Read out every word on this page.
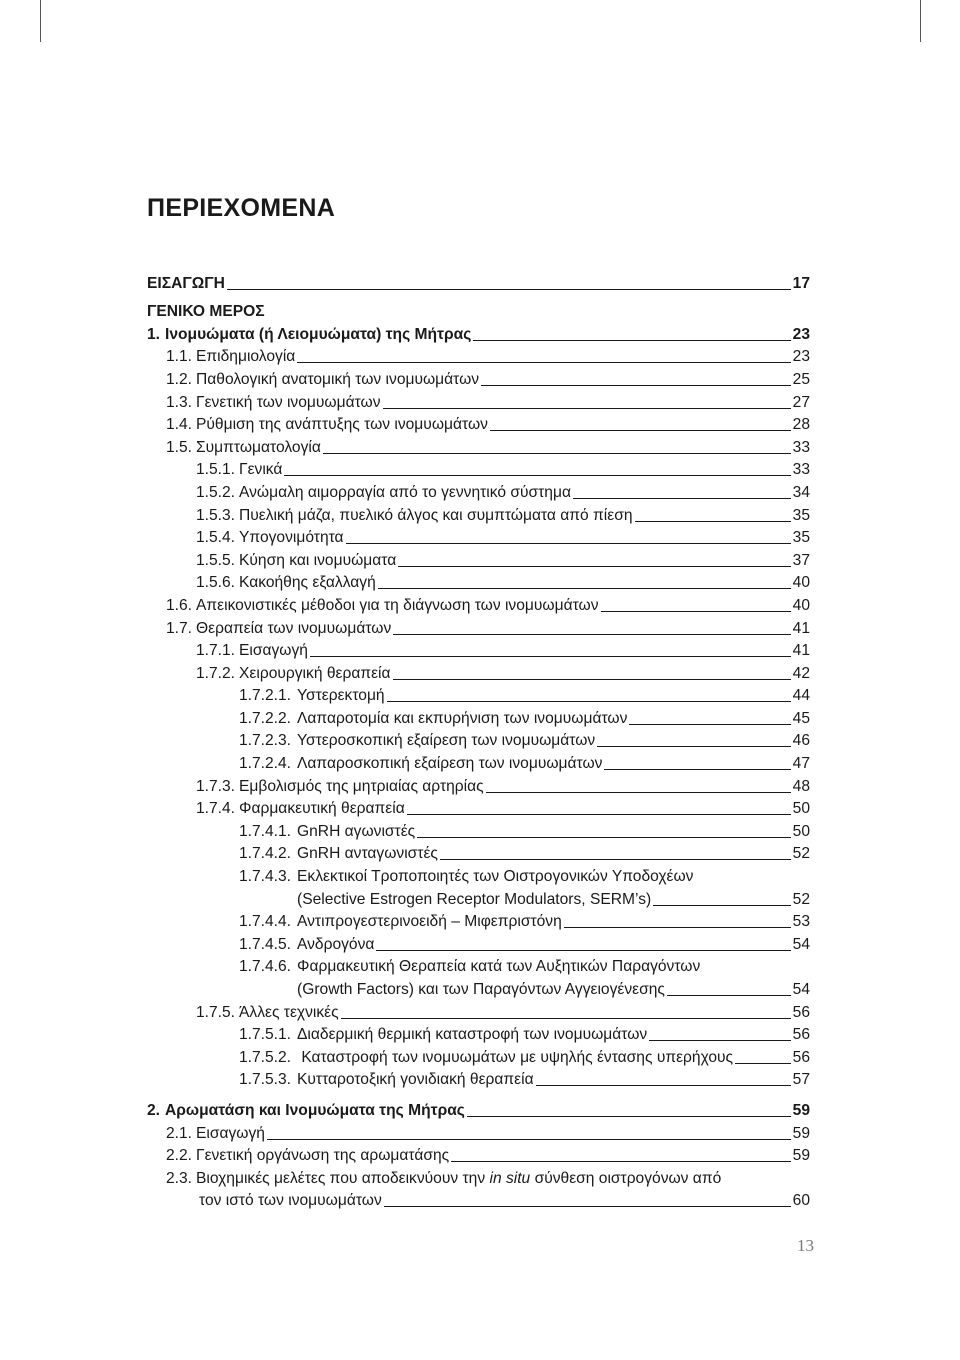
ΠΕΡΙΕΧΟΜΕΝΑ
ΕΙΣΑΓΩΓΗ	17
ΓΕΝΙΚΟ ΜΕΡΟΣ
1. Ινομυώματα (ή Λειομυώματα) της Μήτρας	23
1.1. Επιδημιολογία	23
1.2. Παθολογική ανατομική των ινομυωμάτων	25
1.3. Γενετική των ινομυωμάτων	27
1.4. Ρύθμιση της ανάπτυξης των ινομυωμάτων	28
1.5. Συμπτωματολογία	33
1.5.1. Γενικά	33
1.5.2. Ανώμαλη αιμορραγία από το γεννητικό σύστημα	34
1.5.3. Πυελική μάζα, πυελικό άλγος και συμπτώματα από πίεση	35
1.5.4. Υπογονιμότητα	35
1.5.5. Κύηση και ινομυώματα	37
1.5.6. Κακοήθης εξαλλαγή	40
1.6. Απεικονιστικές μέθοδοι για τη διάγνωση των ινομυωμάτων	40
1.7. Θεραπεία των ινομυωμάτων	41
1.7.1. Εισαγωγή	41
1.7.2. Χειρουργική θεραπεία	42
1.7.2.1. Υστερεκτομή	44
1.7.2.2. Λαπαροτομία και εκπυρήνιση των ινομυωμάτων	45
1.7.2.3. Υστεροσκοπική εξαίρεση των ινομυωμάτων	46
1.7.2.4. Λαπαροσκοπική εξαίρεση των ινομυωμάτων	47
1.7.3. Εμβολισμός της μητριαίας αρτηρίας	48
1.7.4. Φαρμακευτική θεραπεία	50
1.7.4.1. GnRH αγωνιστές	50
1.7.4.2. GnRH ανταγωνιστές	52
1.7.4.3. Εκλεκτικοί Τροποποιητές των Οιστρογονικών Υποδοχέων
(Selective Estrogen Receptor Modulators, SERM’s)	52
1.7.4.4. Αντιπρογεστερινοειδή – Μιφεπριστόνη	53
1.7.4.5. Ανδρογόνα	54
1.7.4.6. Φαρμακευτική Θεραπεία κατά των Αυξητικών Παραγόντων
(Growth Factors) και των Παραγόντων Αγγειογένεσης	54
1.7.5. Άλλες τεχνικές	56
1.7.5.1. Διαδερμική θερμική καταστροφή των ινομυωμάτων	56
1.7.5.2. Καταστροφή των ινομυωμάτων με υψηλής έντασης υπερήχους	56
1.7.5.3. Κυτταροτοξική γονιδιακή θεραπεία	57
2. Αρωματάση και Ινομυώματα της Μήτρας	59
2.1. Εισαγωγή	59
2.2. Γενετική οργάνωση της αρωματάσης	59
2.3. Βιοχημικές μελέτες που αποδεικνύουν την in situ σύνθεση οιστρογόνων από
τον ιστό των ινομυωμάτων	60
13
